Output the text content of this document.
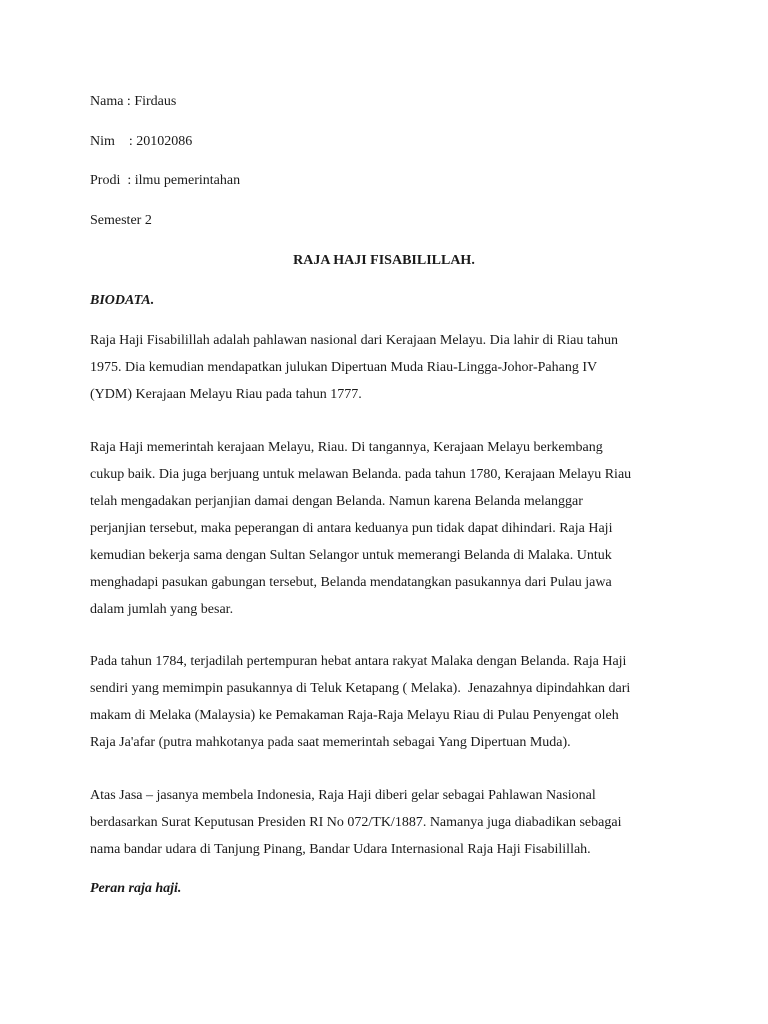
Nama : Firdaus
Nim    : 20102086
Prodi  : ilmu pemerintahan
Semester 2
RAJA HAJI FISABILILLAH.
BIODATA.
Raja Haji Fisabilillah adalah pahlawan nasional dari Kerajaan Melayu. Dia lahir di Riau tahun
1975. Dia kemudian mendapatkan julukan Dipertuan Muda Riau-Lingga-Johor-Pahang IV
(YDM) Kerajaan Melayu Riau pada tahun 1777.
Raja Haji memerintah kerajaan Melayu, Riau. Di tangannya, Kerajaan Melayu berkembang
cukup baik. Dia juga berjuang untuk melawan Belanda. pada tahun 1780, Kerajaan Melayu Riau
telah mengadakan perjanjian damai dengan Belanda. Namun karena Belanda melanggar
perjanjian tersebut, maka peperangan di antara keduanya pun tidak dapat dihindari. Raja Haji
kemudian bekerja sama dengan Sultan Selangor untuk memerangi Belanda di Malaka. Untuk
menghadapi pasukan gabungan tersebut, Belanda mendatangkan pasukannya dari Pulau jawa
dalam jumlah yang besar.
Pada tahun 1784, terjadilah pertempuran hebat antara rakyat Malaka dengan Belanda. Raja Haji
sendiri yang memimpin pasukannya di Teluk Ketapang ( Melaka).  Jenazahnya dipindahkan dari
makam di Melaka (Malaysia) ke Pemakaman Raja-Raja Melayu Riau di Pulau Penyengat oleh
Raja Ja'afar (putra mahkotanya pada saat memerintah sebagai Yang Dipertuan Muda).
Atas Jasa – jasanya membela Indonesia, Raja Haji diberi gelar sebagai Pahlawan Nasional
berdasarkan Surat Keputusan Presiden RI No 072/TK/1887. Namanya juga diabadikan sebagai
nama bandar udara di Tanjung Pinang, Bandar Udara Internasional Raja Haji Fisabilillah.
Peran raja haji.
